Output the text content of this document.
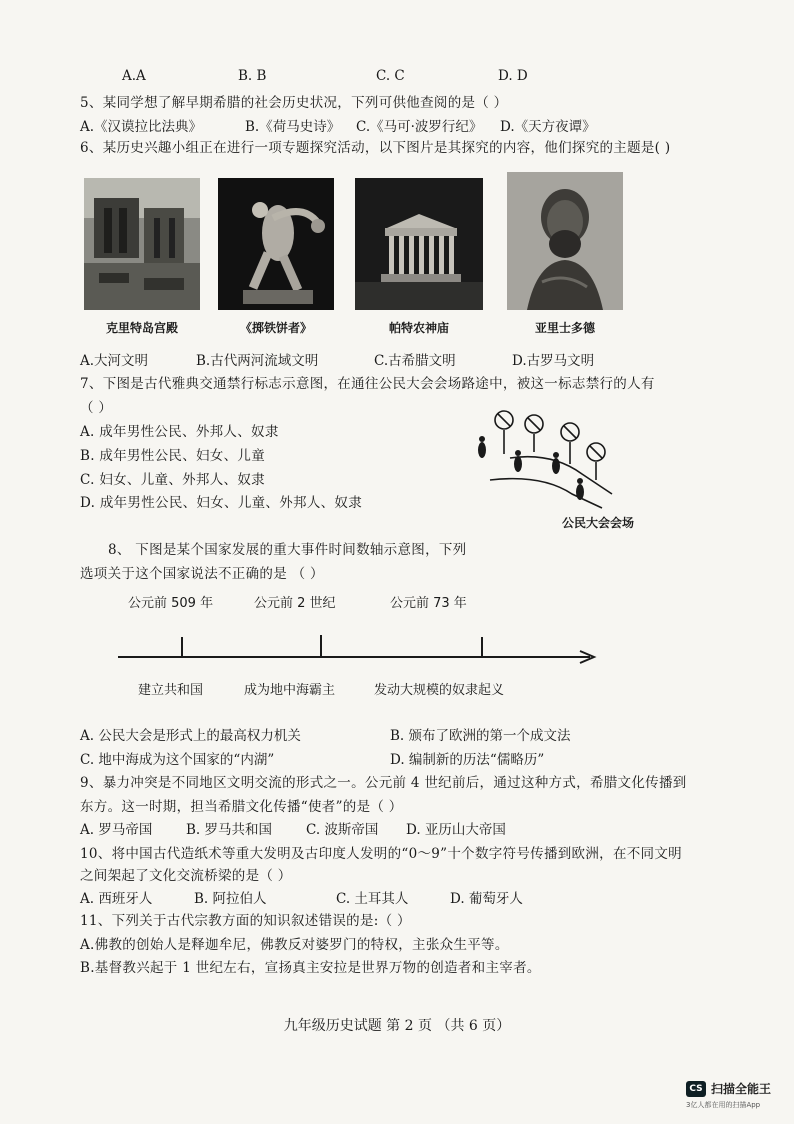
A.A	B. B	C. C	D. D
5、某同学想了解早期希腊的社会历史状况，下列可供他查阅的是（ ）
A.《汉谟拉比法典》	B.《荷马史诗》 C.《马可·波罗行纪》 D.《天方夜谭》
6、某历史兴趣小组正在进行一项专题探究活动，以下图片是其探究的内容，他们探究的主题是( )
克里特岛宫殿	《掷铁饼者》	帕特农神庙	亚里士多德
A.大河文明	B.古代两河流域文明	C.古希腊文明	D.古罗马文明
7、下图是古代雅典交通禁行标志示意图，在通往公民大会会场路途中，被这一标志禁行的人有
（ ）
A. 成年男性公民、外邦人、奴隶
B. 成年男性公民、妇女、儿童
C. 妇女、儿童、外邦人、奴隶
D. 成年男性公民、妇女、儿童、外邦人、奴隶
公民大会会场
8、 下图是某个国家发展的重大事件时间数轴示意图，下列
选项关于这个国家说法不正确的是 （ ）
公元前 509 年	公元前 2 世纪	公元前 73 年
建立共和国	成为地中海霸主	发动大规模的奴隶起义
A. 公民大会是形式上的最高权力机关	B. 颁布了欧洲的第一个成文法
C. 地中海成为这个国家的“内湖”	D. 编制新的历法“儒略历”
9、暴力冲突是不同地区文明交流的形式之一。公元前 4 世纪前后，通过这种方式，希腊文化传播到
东方。这一时期，担当希腊文化传播“使者”的是（ ）
A. 罗马帝国 B. 罗马共和国	C. 波斯帝国 D. 亚历山大帝国
10、将中国古代造纸术等重大发明及古印度人发明的“0～9”十个数字符号传播到欧洲，在不同文明
之间架起了文化交流桥梁的是（ ）
A. 西班牙人	B. 阿拉伯人	C. 土耳其人	D. 葡萄牙人
11、下列关于古代宗教方面的知识叙述错误的是:（ ）
A.佛教的创始人是释迦牟尼，佛教反对婆罗门的特权，主张众生平等。
B.基督教兴起于 1 世纪左右，宣扬真主安拉是世界万物的创造者和主宰者。
九年级历史试题 第 2 页 （共 6 页）
CS 扫描全能王
3亿人都在用的扫描App
